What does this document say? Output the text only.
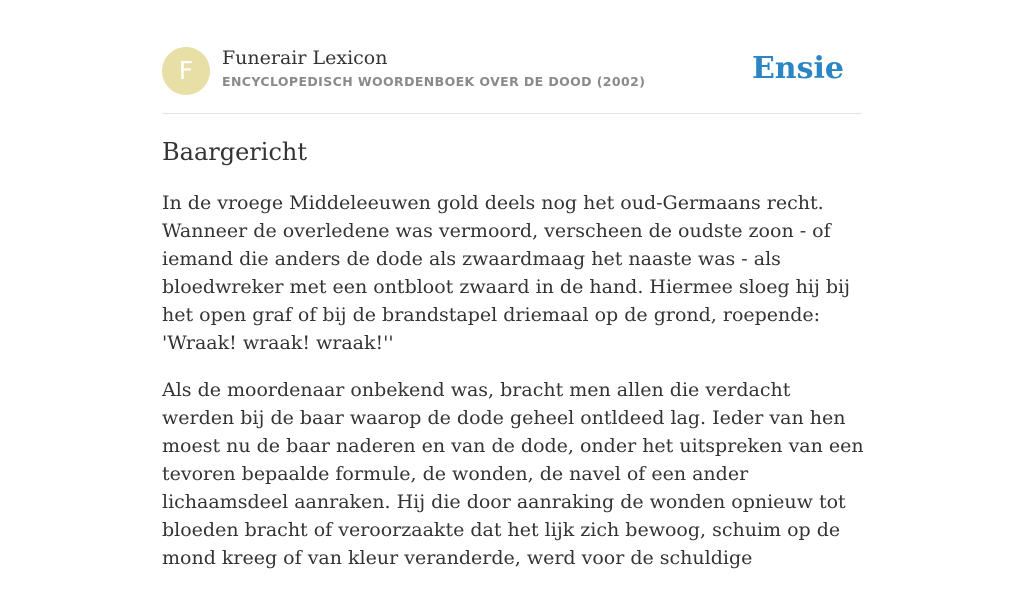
F	Funerair Lexicon
ENCYCLOPEDISCH WOORDENBOEK OVER DE DOOD (2002)	Ensie
Baargericht

In de vroege Middeleeuwen gold deels nog het oud-Germaans recht. Wanneer de overledene was vermoord, verscheen de oudste zoon - of iemand die anders de dode als zwaardmaag het naaste was - als bloedwreker met een ontbloot zwaard in de hand. Hiermee sloeg hij bij het open graf of bij de brandstapel driemaal op de grond, roepende: 'Wraak! wraak! wraak!''

Als de moordenaar onbekend was, bracht men allen die verdacht werden bij de baar waarop de dode geheel ontldeed lag. Ieder van hen moest nu de baar naderen en van de dode, onder het uitspreken van een tevoren bepaalde formule, de wonden, de navel of een ander lichaamsdeel aanraken. Hij die door aanraking de wonden opnieuw tot bloeden bracht of veroorzaakte dat het lijk zich bewoog, schuim op de mond kreeg of van kleur veranderde, werd voor de schuldige
